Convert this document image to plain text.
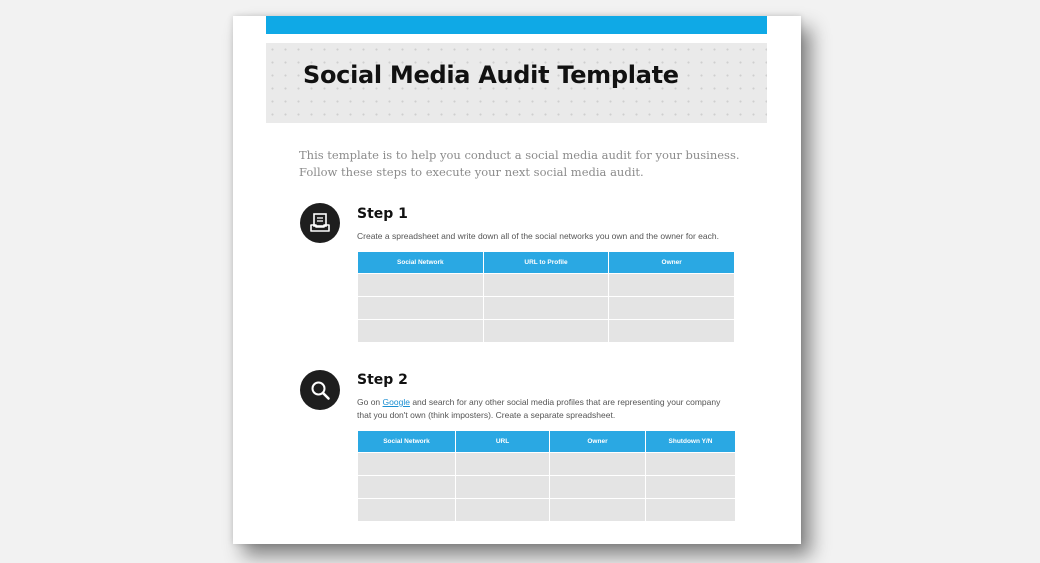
Social Media Audit Template
This template is to help you conduct a social media audit for your business. Follow these steps to execute your next social media audit.
Step 1
Create a spreadsheet and write down all of the social networks you own and the owner for each.
Social Network	URL to Profile	Owner

Step 2
Go on Google and search for any other social media profiles that are representing your company that you don't own (think imposters). Create a separate spreadsheet.
Social Network	URL	Owner	Shutdown Y/N
